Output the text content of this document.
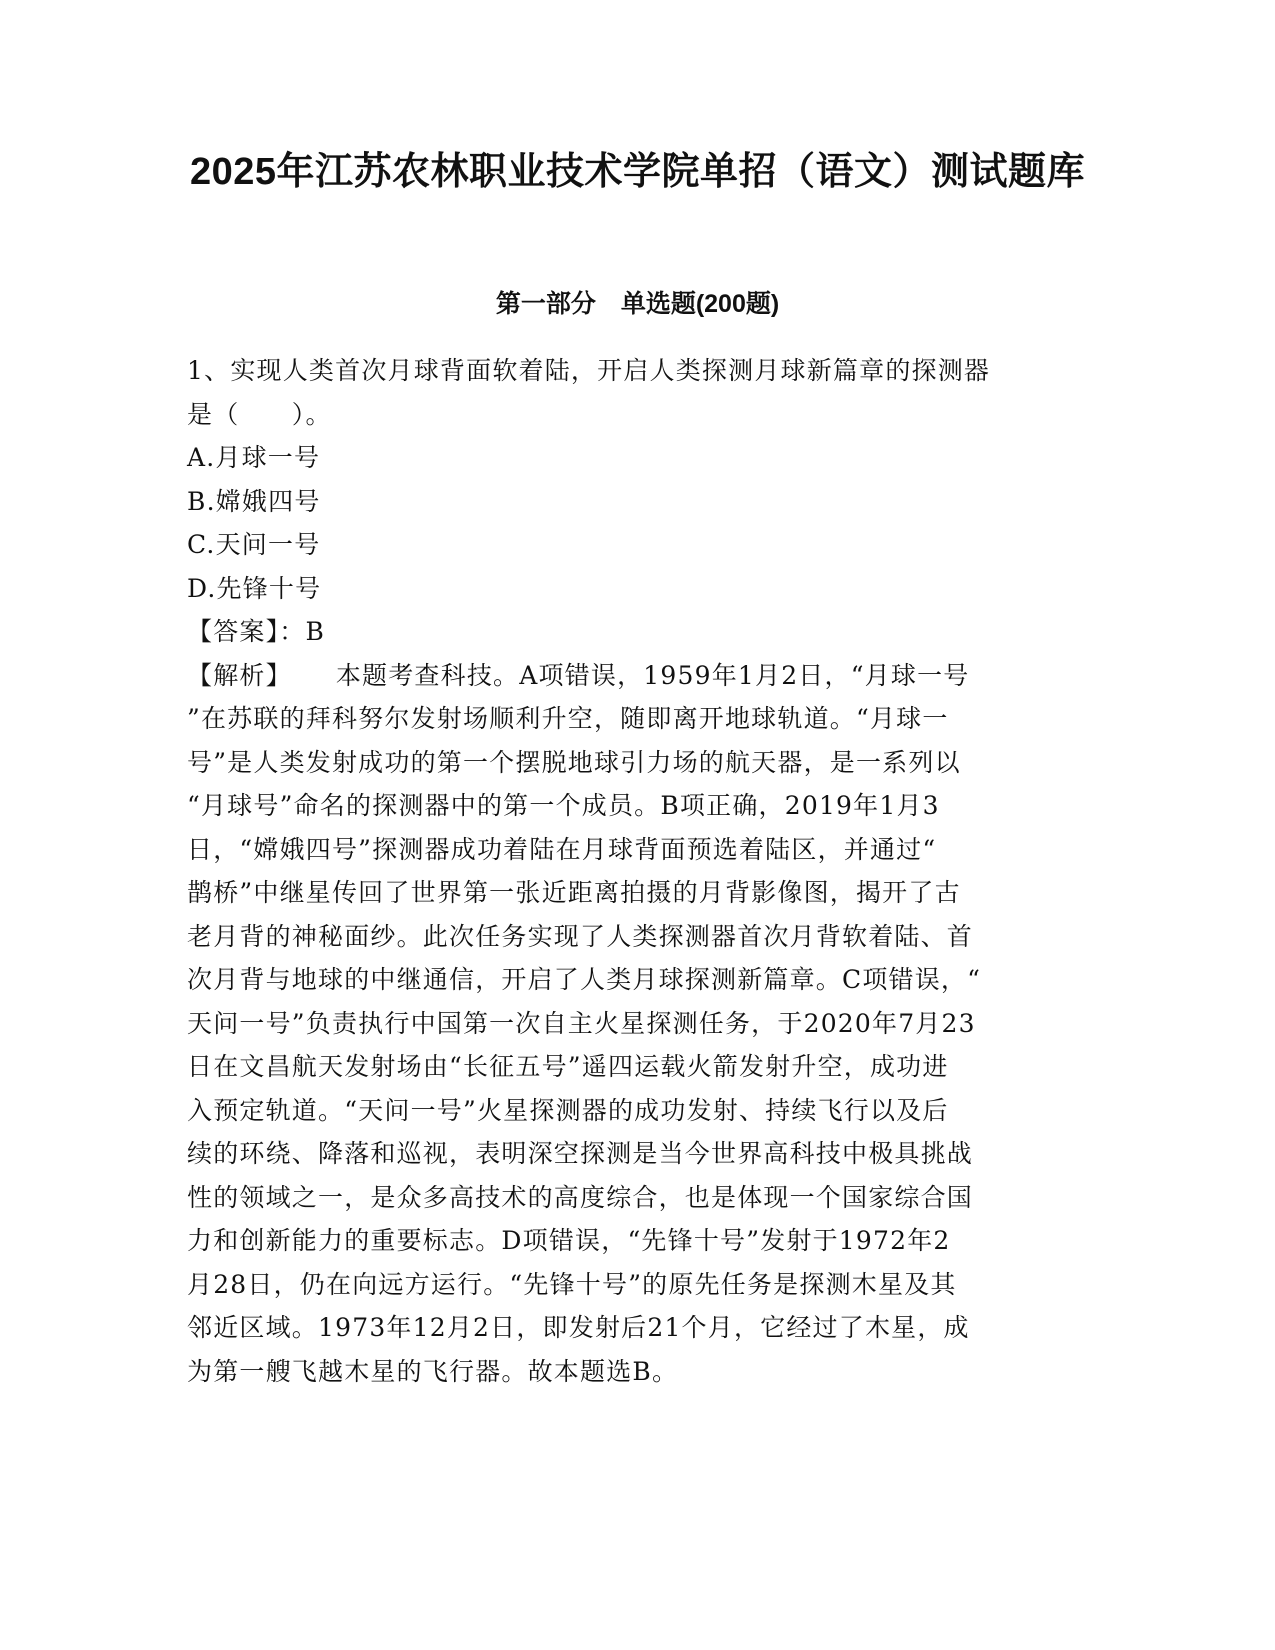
2025年江苏农林职业技术学院单招（语文）测试题库
第一部分　单选题(200题)
1、实现人类首次月球背面软着陆，开启人类探测月球新篇章的探测器
是（　　）。
A.月球一号
B.嫦娥四号
C.天问一号
D.先锋十号
【答案】：B
【解析】 本题考查科技。A项错误，1959年1月2日，“月球一号
”在苏联的拜科努尔发射场顺利升空，随即离开地球轨道。“月球一
号”是人类发射成功的第一个摆脱地球引力场的航天器，是一系列以
“月球号”命名的探测器中的第一个成员。B项正确，2019年1月3
日，“嫦娥四号”探测器成功着陆在月球背面预选着陆区，并通过“
鹊桥”中继星传回了世界第一张近距离拍摄的月背影像图，揭开了古
老月背的神秘面纱。此次任务实现了人类探测器首次月背软着陆、首
次月背与地球的中继通信，开启了人类月球探测新篇章。C项错误，“
天问一号”负责执行中国第一次自主火星探测任务，于2020年7月23
日在文昌航天发射场由“长征五号”遥四运载火箭发射升空，成功进
入预定轨道。“天问一号”火星探测器的成功发射、持续飞行以及后
续的环绕、降落和巡视，表明深空探测是当今世界高科技中极具挑战
性的领域之一，是众多高技术的高度综合，也是体现一个国家综合国
力和创新能力的重要标志。D项错误，“先锋十号”发射于1972年2
月28日，仍在向远方运行。“先锋十号”的原先任务是探测木星及其
邻近区域。1973年12月2日，即发射后21个月，它经过了木星，成
为第一艘飞越木星的飞行器。故本题选B。
